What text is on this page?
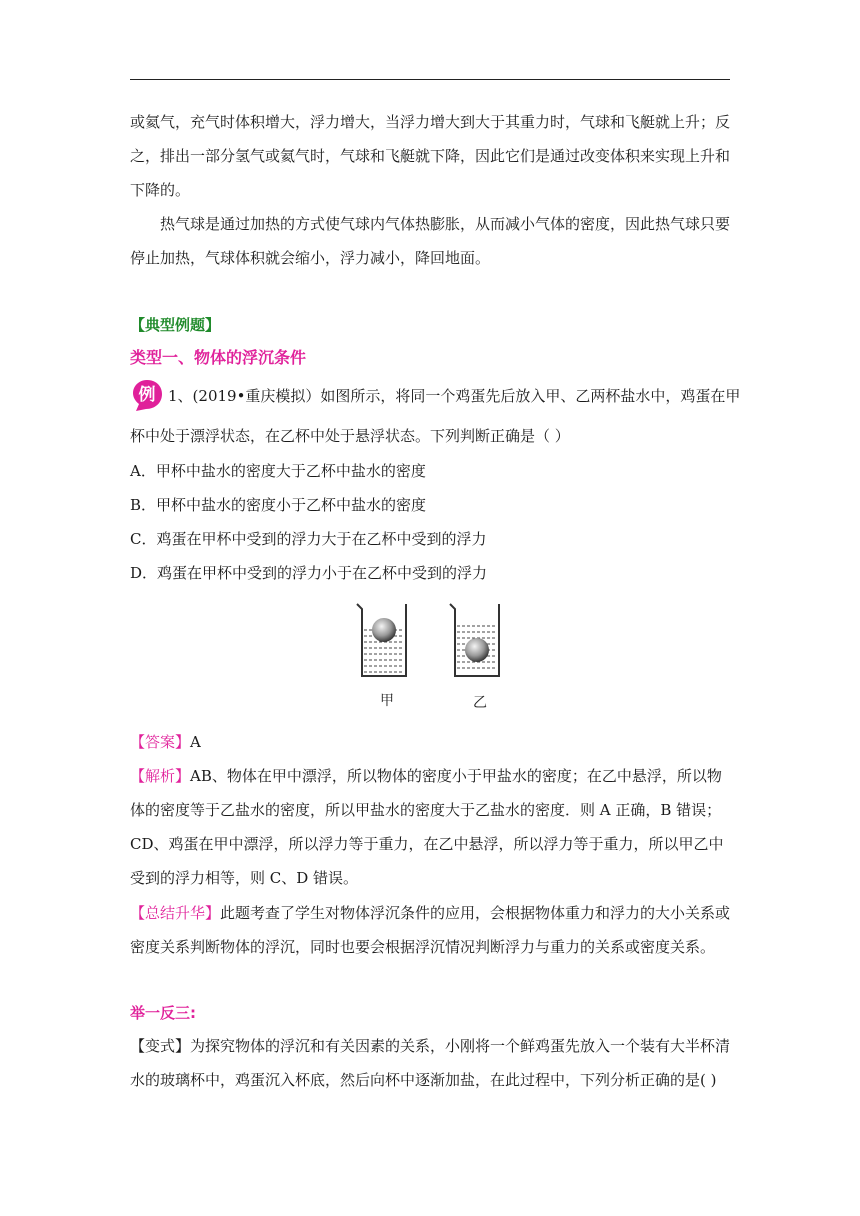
或氦气，充气时体积增大，浮力增大，当浮力增大到大于其重力时，气球和飞艇就上升；反
之，排出一部分氢气或氦气时，气球和飞艇就下降，因此它们是通过改变体积来实现上升和
下降的。
热气球是通过加热的方式使气球内气体热膨胀，从而减小气体的密度，因此热气球只要
停止加热，气球体积就会缩小，浮力减小，降回地面。
【典型例题】
类型一、物体的浮沉条件
例 1、(2019•重庆模拟）如图所示，将同一个鸡蛋先后放入甲、乙两杯盐水中，鸡蛋在甲
杯中处于漂浮状态，在乙杯中处于悬浮状态。下列判断正确是（ ）
A．甲杯中盐水的密度大于乙杯中盐水的密度
B．甲杯中盐水的密度小于乙杯中盐水的密度
C．鸡蛋在甲杯中受到的浮力大于在乙杯中受到的浮力
D．鸡蛋在甲杯中受到的浮力小于在乙杯中受到的浮力
甲	乙
【答案】A
【解析】AB、物体在甲中漂浮，所以物体的密度小于甲盐水的密度；在乙中悬浮，所以物
体的密度等于乙盐水的密度，所以甲盐水的密度大于乙盐水的密度．则 A 正确，B 错误；
CD、鸡蛋在甲中漂浮，所以浮力等于重力，在乙中悬浮，所以浮力等于重力，所以甲乙中
受到的浮力相等，则 C、D 错误。
【总结升华】此题考查了学生对物体浮沉条件的应用，会根据物体重力和浮力的大小关系或
密度关系判断物体的浮沉，同时也要会根据浮沉情况判断浮力与重力的关系或密度关系。
举一反三:
【变式】为探究物体的浮沉和有关因素的关系，小刚将一个鲜鸡蛋先放入一个装有大半杯清
水的玻璃杯中，鸡蛋沉入杯底，然后向杯中逐渐加盐，在此过程中，下列分析正确的是( )
